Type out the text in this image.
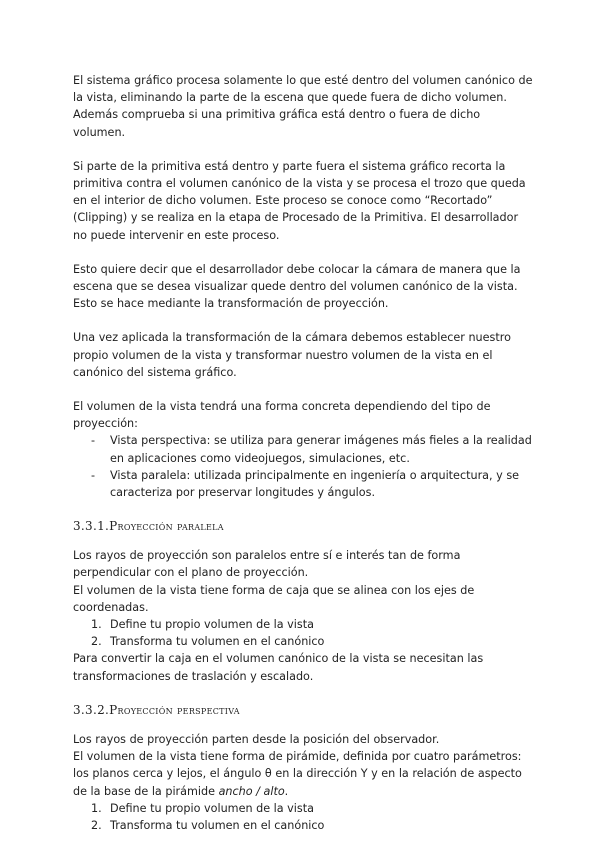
El sistema gráfico procesa solamente lo que esté dentro del volumen canónico de la vista, eliminando la parte de la escena que quede fuera de dicho volumen. Además comprueba si una primitiva gráfica está dentro o fuera de dicho volumen.

Si parte de la primitiva está dentro y parte fuera el sistema gráfico recorta la primitiva contra el volumen canónico de la vista y se procesa el trozo que queda en el interior de dicho volumen. Este proceso se conoce como “Recortado” (Clipping) y se realiza en la etapa de Procesado de la Primitiva. El desarrollador no puede intervenir en este proceso.

Esto quiere decir que el desarrollador debe colocar la cámara de manera que la escena que se desea visualizar quede dentro del volumen canónico de la vista. Esto se hace mediante la transformación de proyección.

Una vez aplicada la transformación de la cámara debemos establecer nuestro propio volumen de la vista y transformar nuestro volumen de la vista en el canónico del sistema gráfico.

El volumen de la vista tendrá una forma concreta dependiendo del tipo de proyección:

- Vista perspectiva: se utiliza para generar imágenes más fieles a la realidad en aplicaciones como videojuegos, simulaciones, etc.
- Vista paralela: utilizada principalmente en ingeniería o arquitectura, y se caracteriza por preservar longitudes y ángulos.
3.3.1.Proyección paralela

Los rayos de proyección son paralelos entre sí e interés tan de forma perpendicular con el plano de proyección.

El volumen de la vista tiene forma de caja que se alinea con los ejes de coordenadas.

1. Define tu propio volumen de la vista
2. Transforma tu volumen en el canónico

Para convertir la caja en el volumen canónico de la vista se necesitan las transformaciones de traslación y escalado.

3.3.2.Proyección perspectiva

Los rayos de proyección parten desde la posición del observador.

El volumen de la vista tiene forma de pirámide, definida por cuatro parámetros: los planos cerca y lejos, el ángulo θ en la dirección Y y en la relación de aspecto de la base de la pirámide ancho / alto.

1. Define tu propio volumen de la vista
2. Transforma tu volumen en el canónico
